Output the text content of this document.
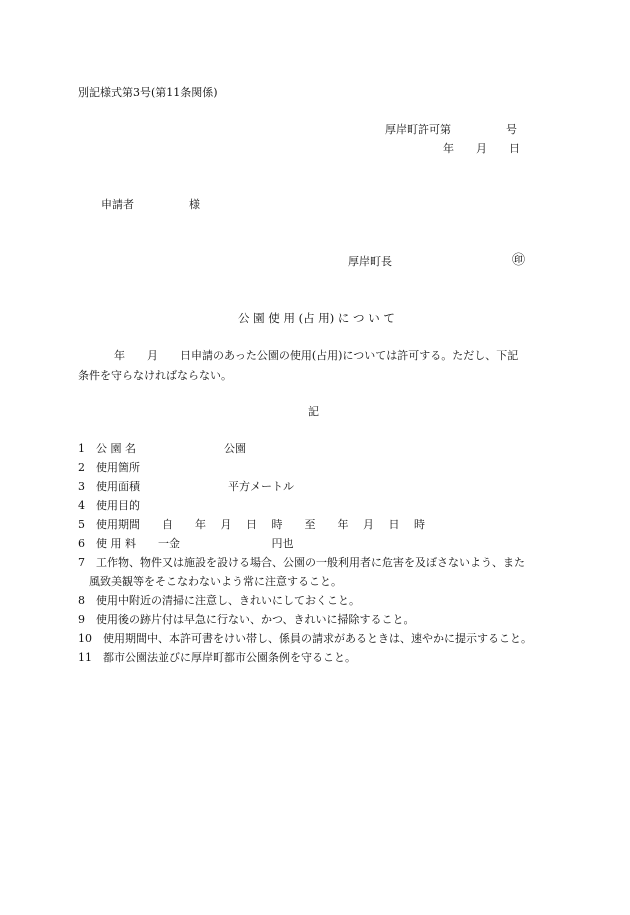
別記様式第3号(第11条関係)
厚岸町許可第　　　　　号
年　　月　　日
申請者　　　　　様
厚岸町長	㊞
公 園 使 用 (占 用) に つ い て
年　　月　　日申請のあった公園の使用(占用)については許可する。ただし、下記
条件を守らなければならない。
記
1　公 園 名　　　　　　　　公園
2　使用箇所
3　使用面積　　　　　　　　平方メートル
4　使用目的
5　使用期間　　自　　年　 月　 日　 時　　至　　年　 月　 日　 時
6　使 用 料　　一金　　　　　　　　 円也
7　工作物、物件又は施設を設ける場合、公園の一般利用者に危害を及ぼさないよう、また
　風致美観等をそこなわないよう常に注意すること。
8　使用中附近の清掃に注意し、きれいにしておくこと。
9　使用後の跡片付は早急に行ない、かつ、きれいに掃除すること。
10　使用期間中、本許可書をけい帯し、係員の請求があるときは、速やかに提示すること。
11　都市公園法並びに厚岸町都市公園条例を守ること。
